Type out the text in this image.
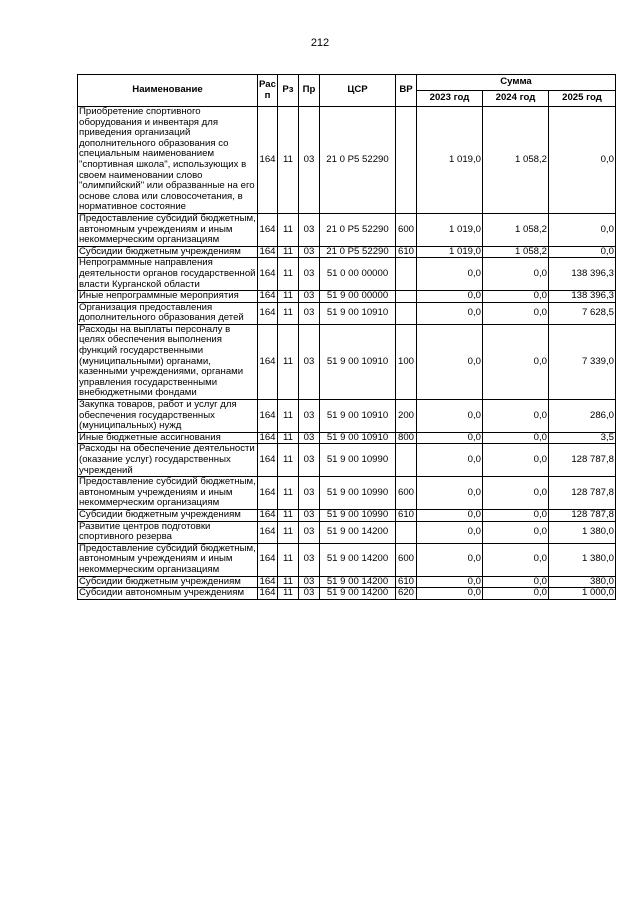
212
Наименование	Рас п	Рз	Пр	ЦСР	ВР	Сумма		
						2023 год	2024 год	2025 год
Приобретение спортивного оборудования и инвентаря для приведения организаций дополнительного образования со специальным наименованием "спортивная школа", использующих в своем наименовании слово "олимпийский" или образванные на его основе слова или словосочетания, в нормативное состояние	164	11	03	21 0 P5 52290		1 019,0	1 058,2	0,0
Предоставление субсидий бюджетным, автономным учреждениям и иным некоммерческим организациям	164	11	03	21 0 P5 52290	600	1 019,0	1 058,2	0,0
Субсидии бюджетным учреждениям	164	11	03	21 0 P5 52290	610	1 019,0	1 058,2	0,0
Непрограммные направления деятельности органов государственной власти Курганской области	164	11	03	51 0 00 00000		0,0	0,0	138 396,3
Иные непрограммные мероприятия	164	11	03	51 9 00 00000		0,0	0,0	138 396,3
Организация предоставления дополнительного образования детей	164	11	03	51 9 00 10910		0,0	0,0	7 628,5
Расходы на выплаты персоналу в целях обеспечения выполнения функций государственными (муниципальными) органами, казенными учреждениями, органами управления государственными внебюджетными фондами	164	11	03	51 9 00 10910	100	0,0	0,0	7 339,0
Закупка товаров, работ и услуг для обеспечения государственных (муниципальных) нужд	164	11	03	51 9 00 10910	200	0,0	0,0	286,0
Иные бюджетные ассигнования	164	11	03	51 9 00 10910	800	0,0	0,0	3,5
Расходы на обеспечение деятельности (оказание услуг) государственных учреждений	164	11	03	51 9 00 10990		0,0	0,0	128 787,8
Предоставление субсидий бюджетным, автономным учреждениям и иным некоммерческим организациям	164	11	03	51 9 00 10990	600	0,0	0,0	128 787,8
Субсидии бюджетным учреждениям	164	11	03	51 9 00 10990	610	0,0	0,0	128 787,8
Развитие центров подготовки спортивного резерва	164	11	03	51 9 00 14200		0,0	0,0	1 380,0
Предоставление субсидий бюджетным, автономным учреждениям и иным некоммерческим организациям	164	11	03	51 9 00 14200	600	0,0	0,0	1 380,0
Субсидии бюджетным учреждениям	164	11	03	51 9 00 14200	610	0,0	0,0	380,0
Субсидии автономным учреждениям	164	11	03	51 9 00 14200	620	0,0	0,0	1 000,0
